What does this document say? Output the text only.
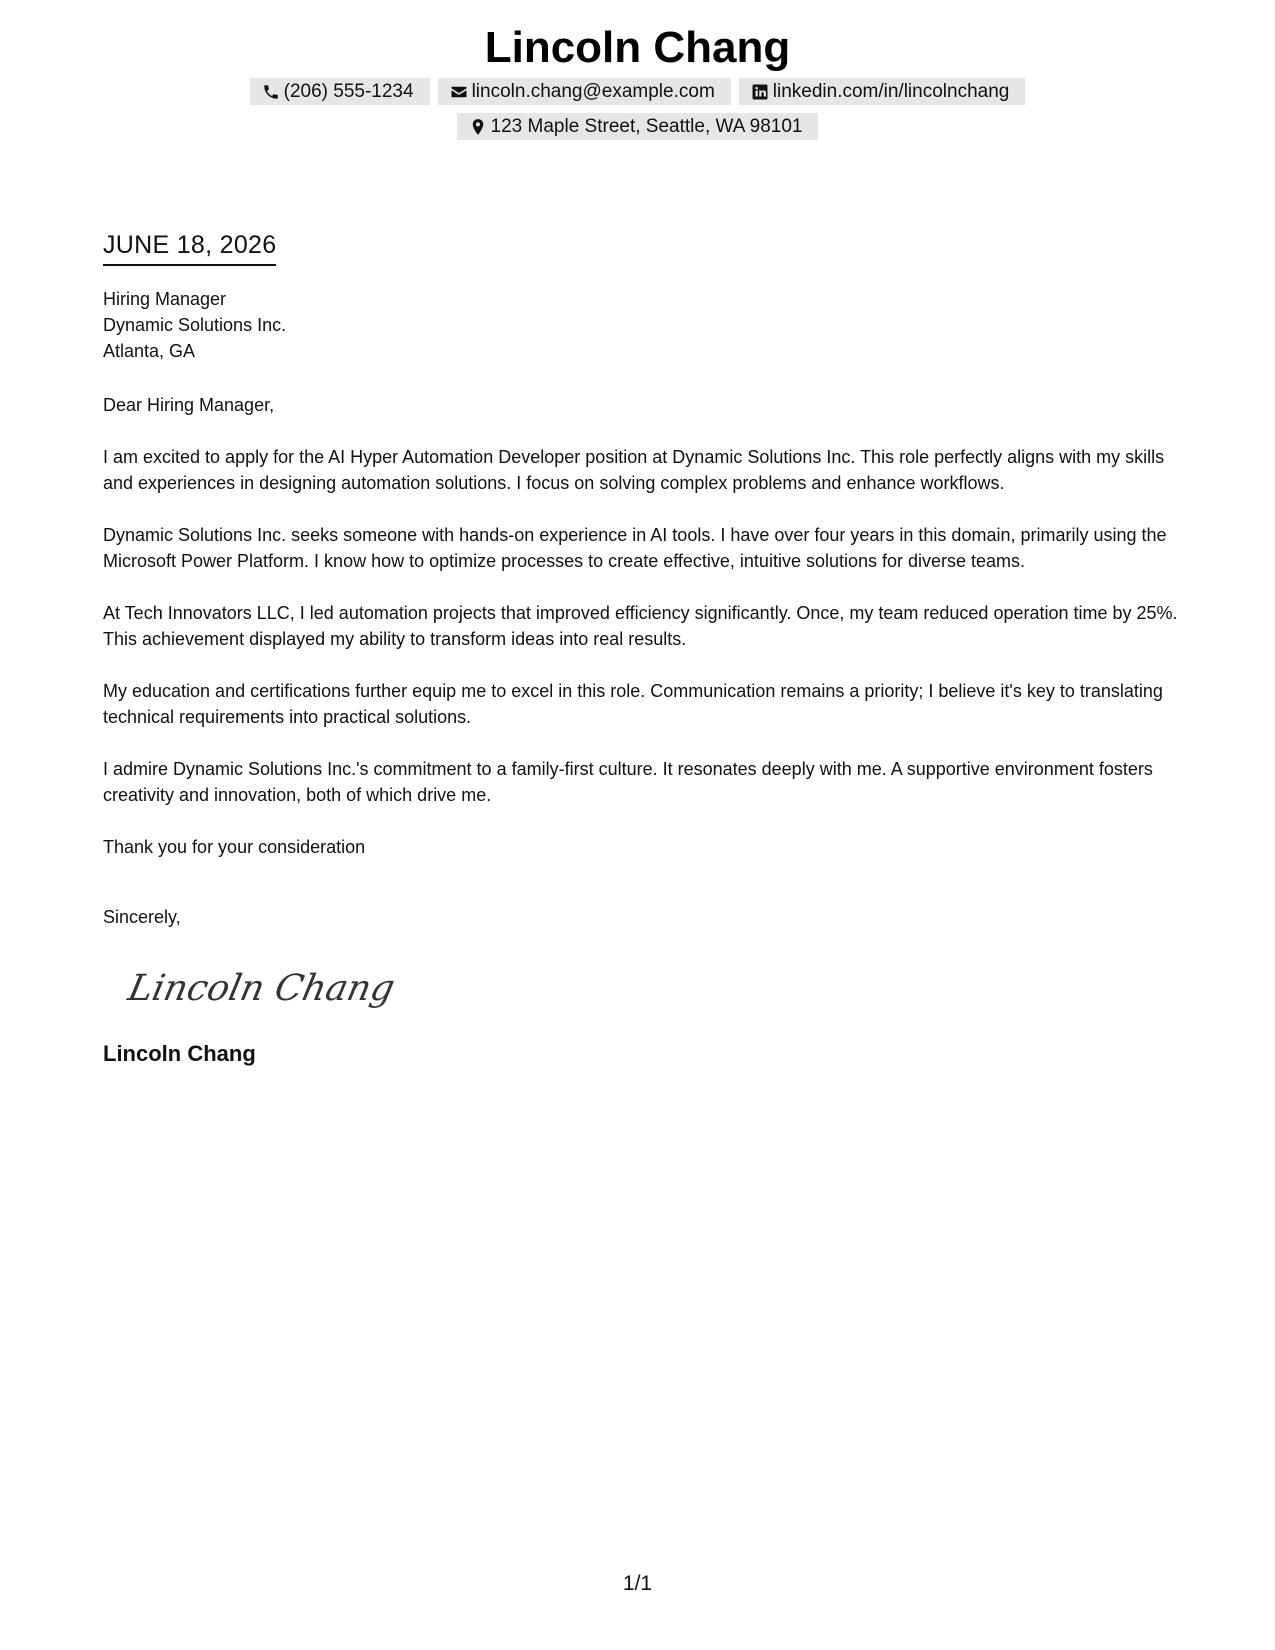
Lincoln Chang
(206) 555-1234	lincoln.chang@example.com	linkedin.com/in/lincolnchang
123 Maple Street, Seattle, WA 98101
JUNE 18, 2026
Hiring Manager
Dynamic Solutions Inc.
Atlanta, GA
Dear Hiring Manager,

I am excited to apply for the AI Hyper Automation Developer position at Dynamic Solutions Inc. This role perfectly aligns with my skills and experiences in designing automation solutions. I focus on solving complex problems and enhance workflows.

Dynamic Solutions Inc. seeks someone with hands-on experience in AI tools. I have over four years in this domain, primarily using the Microsoft Power Platform. I know how to optimize processes to create effective, intuitive solutions for diverse teams.

At Tech Innovators LLC, I led automation projects that improved efficiency significantly. Once, my team reduced operation time by 25%. This achievement displayed my ability to transform ideas into real results.

My education and certifications further equip me to excel in this role. Communication remains a priority; I believe it's key to translating technical requirements into practical solutions.

I admire Dynamic Solutions Inc.'s commitment to a family-first culture. It resonates deeply with me. A supportive environment fosters creativity and innovation, both of which drive me.

Thank you for your consideration
Sincerely,
Lincoln Chang
Lincoln Chang
1/1
